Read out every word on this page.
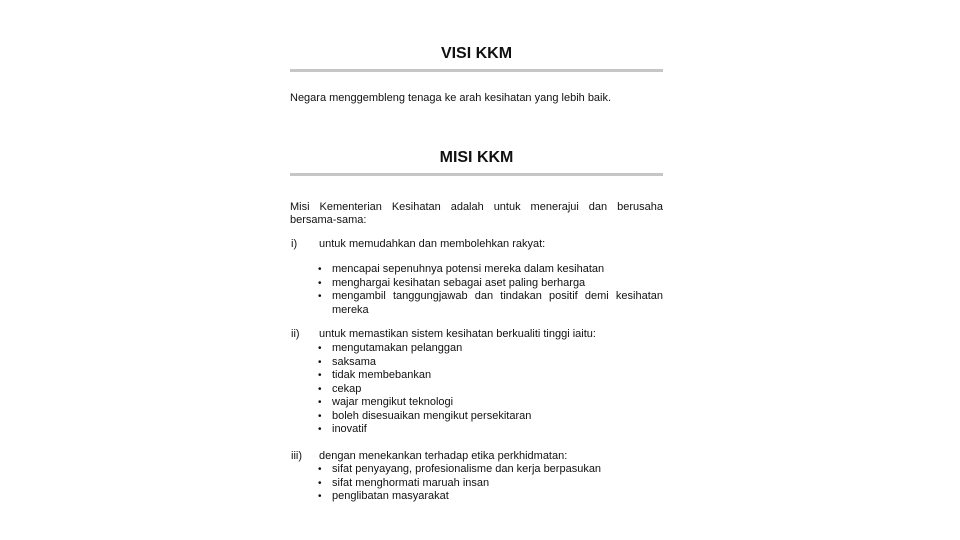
VISI KKM

Negara menggembleng tenaga ke arah kesihatan yang lebih baik.

MISI KKM

Misi Kementerian Kesihatan adalah untuk menerajui dan berusaha bersama-sama:

i) untuk memudahkan dan membolehkan rakyat:
• mencapai sepenuhnya potensi mereka dalam kesihatan
• menghargai kesihatan sebagai aset paling berharga
• mengambil tanggungjawab dan tindakan positif demi kesihatan mereka
ii) untuk memastikan sistem kesihatan berkualiti tinggi iaitu:
• mengutamakan pelanggan
• saksama
• tidak membebankan
• cekap
• wajar mengikut teknologi
• boleh disesuaikan mengikut persekitaran
• inovatif
iii) dengan menekankan terhadap etika perkhidmatan:
• sifat penyayang, profesionalisme dan kerja berpasukan
• sifat menghormati maruah insan
• penglibatan masyarakat
